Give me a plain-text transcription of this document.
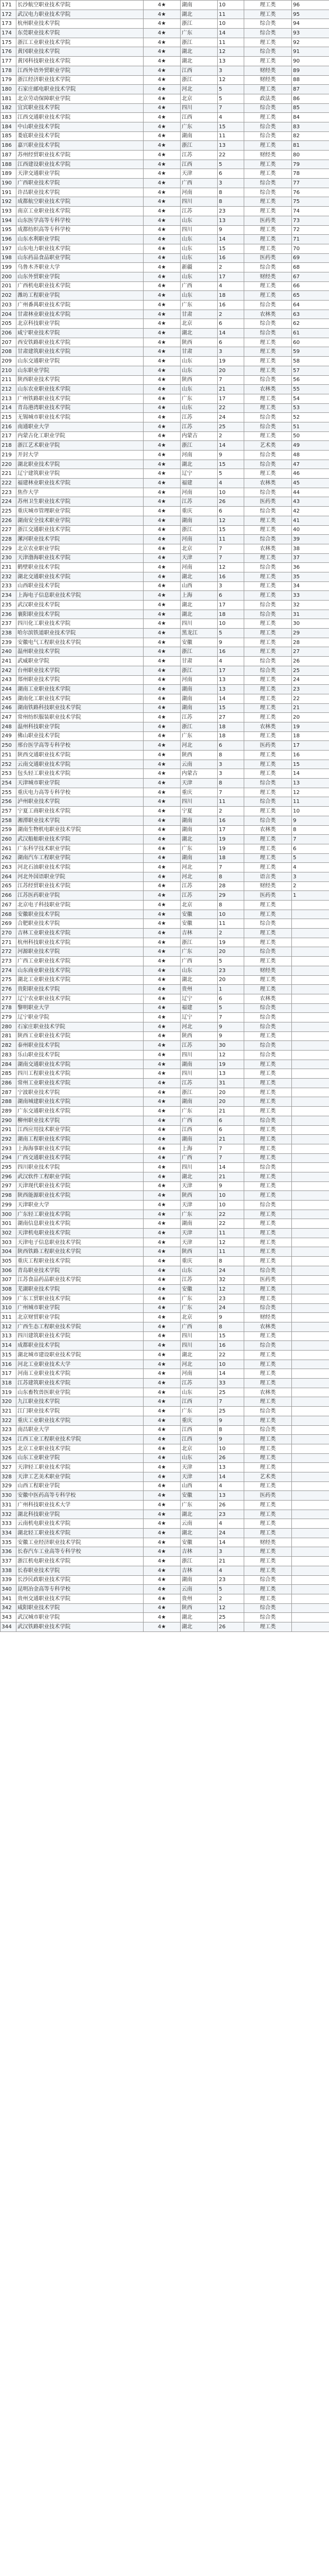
171	长沙航空职业技术学院	4★	湖南	10	理工类	96
172	武汉电力职业技术学院	4★	湖北	11	理工类	95
173	杭州职业技术学院	4★	浙江	10	综合类	94
174	东莞职业技术学院	4★	广东	14	综合类	93
175	浙江工业职业技术学院	4★	浙江	11	理工类	92
176	黄冈职业技术学院	4★	湖北	12	综合类	91
177	黄冈科技职业技术学院	4★	湖北	13	理工类	90
178	江西外语外贸职业学院	4★	江西	3	财经类	89
179	浙江经济职业技术学院	4★	浙江	12	财经类	88
180	石家庄邮电职业技术学院	4★	河北	5	理工类	87
181	北京劳动保障职业学院	4★	北京	5	政法类	86
182	宜宾职业技术学院	4★	四川	7	综合类	85
183	江西交通职业技术学院	4★	江西	4	理工类	84
184	中山职业技术学院	4★	广东	15	综合类	83
185	娄底职业技术学院	4★	湖南	11	综合类	82
186	嘉兴职业技术学院	4★	浙江	13	理工类	81
187	苏州经贸职业技术学院	4★	江苏	22	财经类	80
188	江西建设职业技术学院	4★	江西	5	理工类	79
189	天津交通职业学院	4★	天津	6	理工类	78
190	广西职业技术学院	4★	广西	3	综合类	77
191	许昌职业技术学院	4★	河南	8	综合类	76
192	成都航空职业技术学院	4★	四川	8	理工类	75
193	南京工业职业技术学院	4★	江苏	23	理工类	74
194	山东医学高等专科学校	4★	山东	13	医药类	73
195	成都纺织高等专科学校	4★	四川	9	理工类	72
196	山东水利职业学院	4★	山东	14	理工类	71
197	山东电力职业技术学院	4★	山东	15	理工类	70
198	山东药品食品职业学院	4★	山东	16	医药类	69
199	乌鲁木齐职业大学	4★	新疆	2	综合类	68
200	山东外贸职业学院	4★	山东	17	财经类	67
201	广西机电职业技术学院	4★	广西	4	理工类	66
202	潍坊工程职业学院	4★	山东	18	理工类	65
203	广州番禺职业技术学院	4★	广东	16	综合类	64
204	甘肃林业职业技术学院	4★	甘肃	2	农林类	63
205	北京科技职业学院	4★	北京	6	综合类	62
206	咸宁职业技术学院	4★	湖北	14	综合类	61
207	西安铁路职业技术学院	4★	陕西	6	理工类	60
208	甘肃建筑职业技术学院	4★	甘肃	3	理工类	59
209	山东交通职业学院	4★	山东	19	理工类	58
210	山东职业学院	4★	山东	20	理工类	57
211	陕西职业技术学院	4★	陕西	7	综合类	56
212	山东农业职业技术学院	4★	山东	21	农林类	55
213	广州铁路职业技术学院	4★	广东	17	理工类	54
214	青岛港湾职业技术学院	4★	山东	22	理工类	53
215	无锡城市职业技术学院	4★	江苏	24	综合类	52
216	南通职业大学	4★	江苏	25	综合类	51
217	内蒙古化工职业学院	4★	内蒙古	2	理工类	50
218	浙江艺术职业学院	4★	浙江	14	艺术类	49
219	开封大学	4★	河南	9	综合类	48
220	湖北职业技术学院	4★	湖北	15	综合类	47
221	辽宁建筑职业学院	4★	辽宁	5	理工类	46
222	福建林业职业技术学院	4★	福建	4	农林类	45
223	焦作大学	4★	河南	10	综合类	44
224	苏州卫生职业技术学院	4★	江苏	26	医药类	43
225	重庆城市管理职业学院	4★	重庆	6	综合类	42
226	湖南安全技术职业学院	4★	湖南	12	理工类	41
227	浙江交通职业技术学院	4★	浙江	15	理工类	40
228	漯河职业技术学院	4★	河南	11	综合类	39
229	北京农业职业学院	4★	北京	7	农林类	38
230	天津渤海职业技术学院	4★	天津	7	理工类	37
231	鹤壁职业技术学院	4★	河南	12	综合类	36
232	湖北交通职业技术学院	4★	湖北	16	理工类	35
233	山西职业技术学院	4★	山西	3	理工类	34
234	上海电子信息职业技术学院	4★	上海	6	理工类	33
235	武汉职业技术学院	4★	湖北	17	综合类	32
236	襄阳职业技术学院	4★	湖北	18	综合类	31
237	四川化工职业技术学院	4★	四川	10	理工类	30
238	哈尔滨铁道职业技术学院	4★	黑龙江	5	理工类	29
239	安徽电气工程职业技术学院	4★	安徽	9	理工类	28
240	温州职业技术学院	4★	浙江	16	理工类	27
241	武威职业学院	4★	甘肃	4	综合类	26
242	台州职业技术学院	4★	浙江	17	综合类	25
243	郑州职业技术学院	4★	河南	13	理工类	24
244	湖南工业职业技术学院	4★	湖南	13	理工类	23
245	湖南化工职业技术学院	4★	湖南	14	理工类	22
246	湖南铁路科技职业技术学院	4★	湖南	15	理工类	21
247	常州纺织服装职业技术学院	4★	江苏	27	理工类	20
248	温州科技职业学院	4★	浙江	18	农林类	19
249	佛山职业技术学院	4★	广东	18	理工类	18
250	邢台医学高等专科学校	4★	河北	6	医药类	17
251	陕西交通职业技术学院	4★	陕西	8	理工类	16
252	云南交通职业技术学院	4★	云南	3	理工类	15
253	包头轻工职业技术学院	4★	内蒙古	3	理工类	14
254	天津城市职业学院	4★	天津	8	综合类	13
255	重庆电力高等专科学校	4★	重庆	7	理工类	12
256	泸州职业技术学院	4★	四川	11	综合类	11
257	宁夏工商职业技术学院	4★	宁夏	2	理工类	10
258	湘潭职业技术学院	4★	湖南	16	综合类	9
259	湖南生物机电职业技术学院	4★	湖南	17	农林类	8
260	武汉船舶职业技术学院	4★	湖北	19	理工类	7
261	广东科学技术职业学院	4★	广东	19	理工类	6
262	湖南汽车工程职业学院	4★	湖南	18	理工类	5
263	河北石油职业技术学院	4★	河北	7	理工类	4
264	河北外国语职业学院	4★	河北	8	语言类	3
265	江苏经贸职业技术学院	4★	江苏	28	财经类	2
266	江苏医药职业学院	4★	江苏	29	医药类	1
267	北京电子科技职业学院	4★	北京	8	理工类	
268	安徽职业技术学院	4★	安徽	10	理工类	
269	合肥职业技术学院	4★	安徽	11	综合类	
270	吉林工业职业技术学院	4★	吉林	2	理工类	
271	杭州科技职业技术学院	4★	浙江	19	理工类	
272	河源职业技术学院	4★	广东	20	综合类	
273	广西工业职业技术学院	4★	广西	5	理工类	
274	山东商业职业技术学院	4★	山东	23	财经类	
275	湖北工业职业技术学院	4★	湖北	20	理工类	
276	贵阳职业技术学院	4★	贵州	1	理工类	
277	辽宁农业职业技术学院	4★	辽宁	6	农林类	
278	黎明职业大学	4★	福建	5	综合类	
279	辽宁职业学院	4★	辽宁	7	综合类	
280	石家庄职业技术学院	4★	河北	9	综合类	
281	陕西工业职业技术学院	4★	陕西	9	理工类	
282	泰州职业技术学院	4★	江苏	30	综合类	
283	乐山职业技术学院	4★	四川	12	综合类	
284	湖南交通职业技术学院	4★	湖南	19	理工类	
285	四川工程职业技术学院	4★	四川	13	理工类	
286	常州工业职业技术学院	4★	江苏	31	理工类	
287	宁波职业技术学院	4★	浙江	20	理工类	
288	湖南城建职业技术学院	4★	湖南	20	理工类	
289	广东交通职业技术学院	4★	广东	21	理工类	
290	柳州职业技术学院	4★	广西	6	综合类	
291	江西应用技术职业学院	4★	江西	6	理工类	
292	湖南工程职业技术学院	4★	湖南	21	理工类	
293	上海海事职业技术学院	4★	上海	7	理工类	
294	广西交通职业技术学院	4★	广西	7	理工类	
295	四川职业技术学院	4★	四川	14	综合类	
296	武汉软件工程职业学院	4★	湖北	21	理工类	
297	天津现代职业技术学院	4★	天津	9	理工类	
298	陕西能源职业技术学院	4★	陕西	10	理工类	
299	天津职业大学	4★	天津	10	综合类	
300	广东轻工职业技术学院	4★	广东	22	理工类	
301	湖南信息职业技术学院	4★	湖南	22	理工类	
302	天津机电职业技术学院	4★	天津	11	理工类	
303	天津电子信息职业技术学院	4★	天津	12	理工类	
304	陕西铁路工程职业技术学院	4★	陕西	11	理工类	
305	重庆工程职业技术学院	4★	重庆	8	理工类	
306	青岛职业技术学院	4★	山东	24	综合类	
307	江苏食品药品职业技术学院	4★	江苏	32	医药类	
308	芜湖职业技术学院	4★	安徽	12	理工类	
309	广东工贸职业技术学院	4★	广东	23	理工类	
310	广州城市职业学院	4★	广东	24	综合类	
311	北京财贸职业学院	4★	北京	9	财经类	
312	广西生态工程职业技术学院	4★	广西	8	农林类	
313	四川建筑职业技术学院	4★	四川	15	理工类	
314	成都职业技术学院	4★	四川	16	综合类	
315	湖北城市建设职业技术学院	4★	湖北	22	理工类	
316	河北工业职业技术大学	4★	河北	10	理工类	
317	河南工业职业技术学院	4★	河南	14	理工类	
318	江苏建筑职业技术学院	4★	江苏	33	理工类	
319	山东畜牧兽医职业学院	4★	山东	25	农林类	
320	九江职业技术学院	4★	江西	7	理工类	
321	江门职业技术学院	4★	广东	25	综合类	
322	重庆工业职业技术学院	4★	重庆	9	理工类	
323	南昌职业大学	4★	江西	8	综合类	
324	江西工业工程职业技术学院	4★	江西	9	理工类	
325	北京工业职业技术学院	4★	北京	10	理工类	
326	山东工业职业学院	4★	山东	26	理工类	
327	天津轻工职业技术学院	4★	天津	13	理工类	
328	天津工艺美术职业学院	4★	天津	14	艺术类	
329	山西工程职业学院	4★	山西	4	理工类	
330	安徽中医药高等专科学校	4★	安徽	13	医药类	
331	广州科技职业技术大学	4★	广东	26	理工类	
332	湖北科技职业学院	4★	湖北	23	理工类	
333	云南机电职业技术学院	4★	云南	4	理工类	
334	湖北轻工职业技术学院	4★	湖北	24	理工类	
335	安徽工业经济职业技术学院	4★	安徽	14	财经类	
336	长春汽车工业高等专科学校	4★	吉林	3	理工类	
337	浙江机电职业技术学院	4★	浙江	21	理工类	
338	长春职业技术学院	4★	吉林	4	理工类	
339	长沙民政职业技术学院	4★	湖南	23	综合类	
340	昆明冶金高等专科学校	4★	云南	5	理工类	
341	贵州交通职业技术学院	4★	贵州	2	理工类	
342	咸阳职业技术学院	4★	陕西	12	综合类	
343	武汉城市职业学院	4★	湖北	25	综合类	
344	武汉铁路职业技术学院	4★	湖北	26	理工类	
